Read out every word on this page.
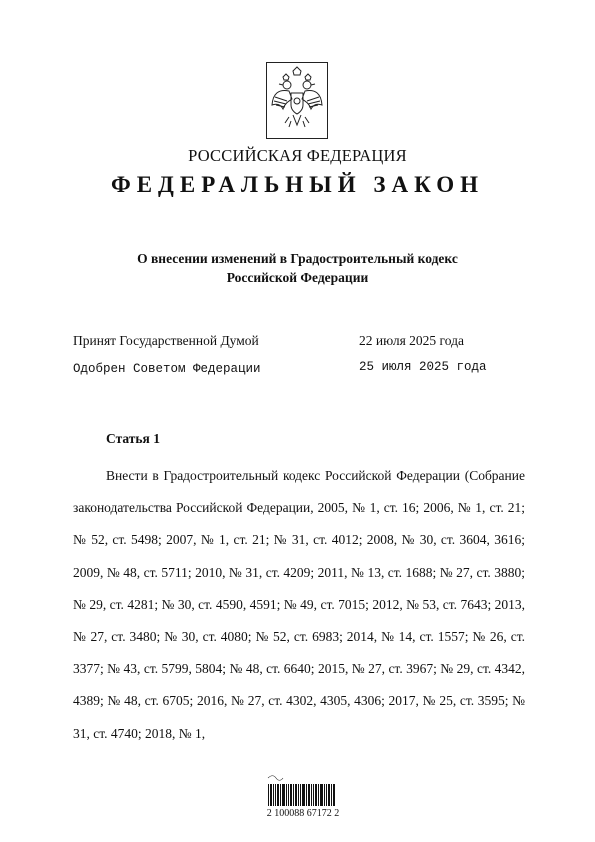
РОССИЙСКАЯ ФЕДЕРАЦИЯ
ФЕДЕРАЛЬНЫЙ ЗАКОН
О внесении изменений в Градостроительный кодекс
Российской Федерации
Принят Государственной Думой	22 июля 2025 года
Одобрен Советом Федерации	25 июля 2025 года
Статья 1
Внести в Градостроительный кодекс Российской Федерации (Собрание законодательства Российской Федерации, 2005, № 1, ст. 16; 2006, № 1, ст. 21; № 52, ст. 5498; 2007, № 1, ст. 21; № 31, ст. 4012; 2008, № 30, ст. 3604, 3616; 2009, № 48, ст. 5711; 2010, № 31, ст. 4209; 2011, № 13, ст. 1688; № 27, ст. 3880; № 29, ст. 4281; № 30, ст. 4590, 4591; № 49, ст. 7015; 2012, № 53, ст. 7643; 2013, № 27, ст. 3480; № 30, ст. 4080; № 52, ст. 6983; 2014, № 14, ст. 1557; № 26, ст. 3377; № 43, ст. 5799, 5804; № 48, ст. 6640; 2015, № 27, ст. 3967; № 29, ст. 4342, 4389; № 48, ст. 6705; 2016, № 27, ст. 4302, 4305, 4306; 2017, № 25, ст. 3595; № 31, ст. 4740; 2018, № 1,
2 100088 67172 2
